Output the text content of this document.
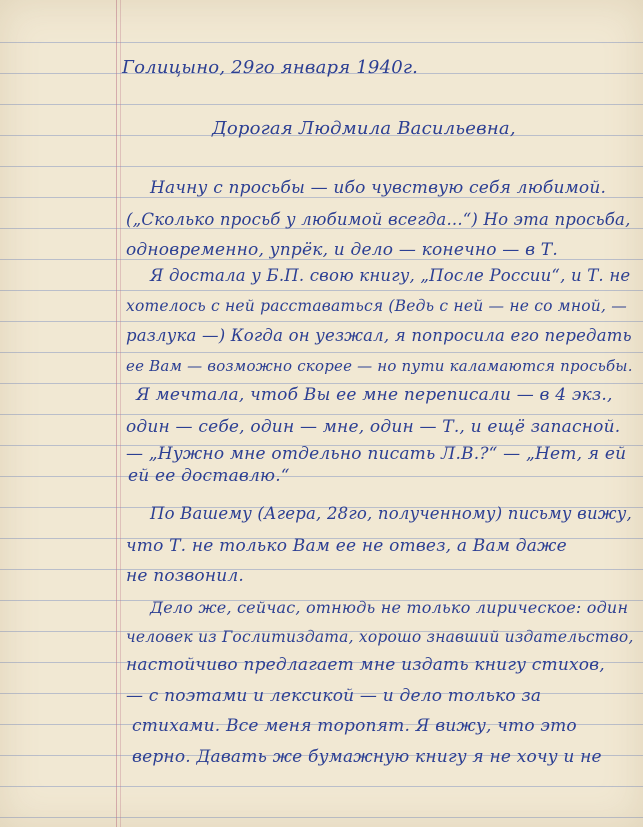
Голицыно, 29го января 1940г.
Дорогая Людмила Васильевна,
Начну с просьбы — ибо чувствую себя любимой.
(„Сколько просьб у любимой всегда...“) Но эта просьба,
одновременно, упрёк, и дело — конечно — в Т.
Я достала у Б.П. свою книгу, „После России“, и Т. не
хотелось с ней расставаться (Ведь с ней — не со мной, —
разлука —) Когда он уезжал, я попросила его передать
ее Вам — возможно скорее — но пути каламаются просьбы.
Я мечтала, чтоб Вы ее мне переписали — в 4 экз.,
один — себе, один — мне, один — Т., и ещё запасной.
— „Нужно мне отдельно писать Л.В.?“ — „Нет, я ей
ей ее доставлю.“
По Вашему (Агера, 28го, полученному) письму вижу,
что Т. не только Вам ее не отвез, а Вам даже
не позвонил.
Дело же, сейчас, отнюдь не только лирическое: один
человек из Гослитиздата, хорошо знавший издательство,
настойчиво предлагает мне издать книгу стихов,
— с поэтами и лексикой — и дело только за
стихами. Все меня торопят. Я вижу, что это
верно. Давать же бумажную книгу я не хочу и не
